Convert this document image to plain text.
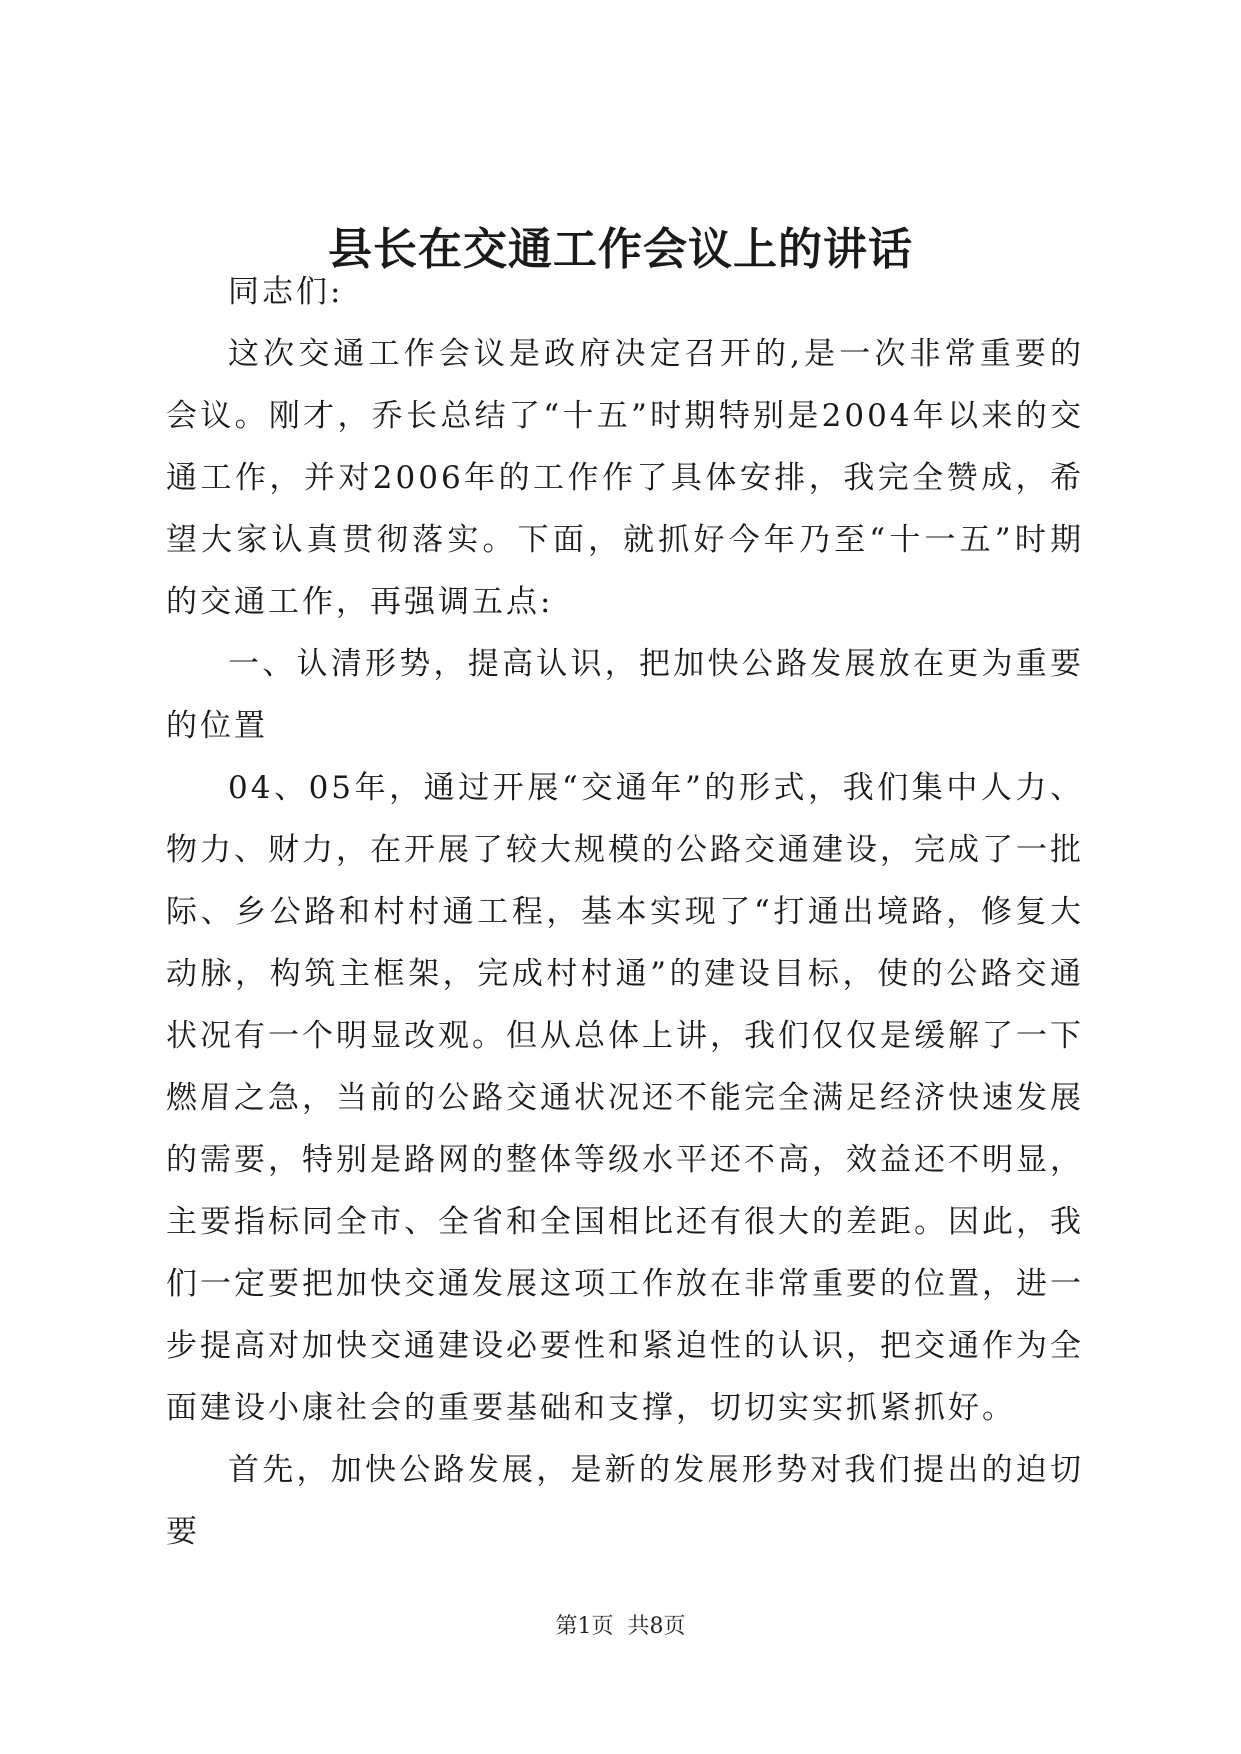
县长在交通工作会议上的讲话

同志们:

这次交通工作会议是政府决定召开的,是一次非常重要的会议。刚才，乔长总结了“十五”时期特别是2004年以来的交通工作，并对2006年的工作作了具体安排，我完全赞成，希望大家认真贯彻落实。下面，就抓好今年乃至“十一五”时期的交通工作，再强调五点:

一、认清形势，提高认识，把加快公路发展放在更为重要的位置

04、05年，通过开展“交通年”的形式，我们集中人力、物力、财力，在开展了较大规模的公路交通建设，完成了一批际、乡公路和村村通工程，基本实现了“打通出境路，修复大动脉，构筑主框架，完成村村通”的建设目标，使的公路交通状况有一个明显改观。但从总体上讲，我们仅仅是缓解了一下燃眉之急，当前的公路交通状况还不能完全满足经济快速发展的需要，特别是路网的整体等级水平还不高，效益还不明显，主要指标同全市、全省和全国相比还有很大的差距。因此，我们一定要把加快交通发展这项工作放在非常重要的位置，进一步提高对加快交通建设必要性和紧迫性的认识，把交通作为全面建设小康社会的重要基础和支撑，切切实实抓紧抓好。

首先，加快公路发展，是新的发展形势对我们提出的迫切要

第1页 共8页
